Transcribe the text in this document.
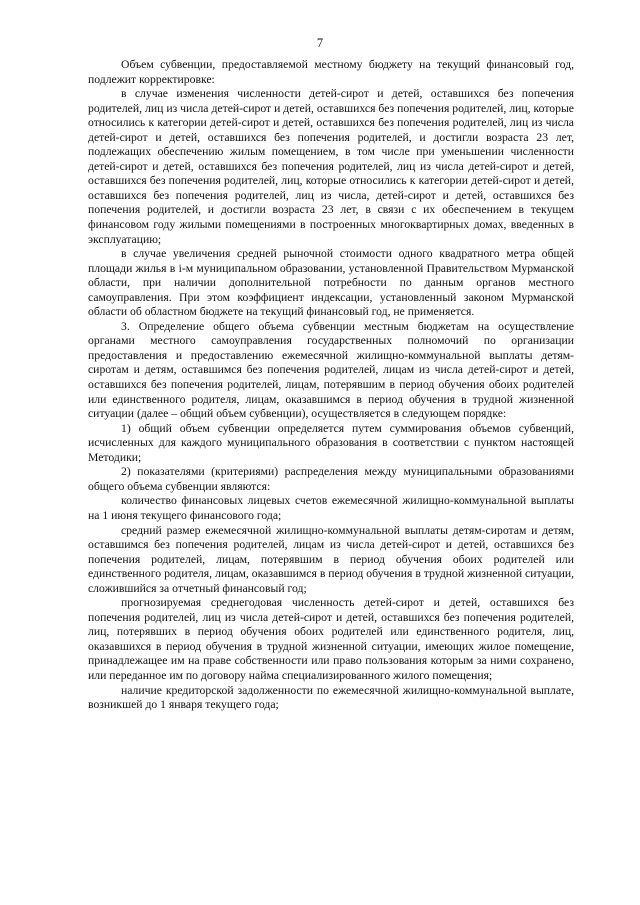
7

Объем субвенции, предоставляемой местному бюджету на текущий финансовый год, подлежит корректировке:

в случае изменения численности детей-сирот и детей, оставшихся без попечения родителей, лиц из числа детей-сирот и детей, оставшихся без попечения родителей, лиц, которые относились к категории детей-сирот и детей, оставшихся без попечения родителей, лиц из числа детей-сирот и детей, оставшихся без попечения родителей, и достигли возраста 23 лет, подлежащих обеспечению жилым помещением, в том числе при уменьшении численности детей-сирот и детей, оставшихся без попечения родителей, лиц из числа детей-сирот и детей, оставшихся без попечения родителей, лиц, которые относились к категории детей-сирот и детей, оставшихся без попечения родителей, лиц из числа, детей-сирот и детей, оставшихся без попечения родителей, и достигли возраста 23 лет, в связи с их обеспечением в текущем финансовом году жилыми помещениями в построенных многоквартирных домах, введенных в эксплуатацию;

в случае увеличения средней рыночной стоимости одного квадратного метра общей площади жилья в i-м муниципальном образовании, установленной Правительством Мурманской области, при наличии дополнительной потребности по данным органов местного самоуправления. При этом коэффициент индексации, установленный законом Мурманской области об областном бюджете на текущий финансовый год, не применяется.

3. Определение общего объема субвенции местным бюджетам на осуществление органами местного самоуправления государственных полномочий по организации предоставления и предоставлению ежемесячной жилищно-коммунальной выплаты детям-сиротам и детям, оставшимся без попечения родителей, лицам из числа детей-сирот и детей, оставшихся без попечения родителей, лицам, потерявшим в период обучения обоих родителей или единственного родителя, лицам, оказавшимся в период обучения в трудной жизненной ситуации (далее – общий объем субвенции), осуществляется в следующем порядке:

1) общий объем субвенции определяется путем суммирования объемов субвенций, исчисленных для каждого муниципального образования в соответствии с пунктом настоящей Методики;

2) показателями (критериями) распределения между муниципальными образованиями общего объема субвенции являются:

количество финансовых лицевых счетов ежемесячной жилищно-коммунальной выплаты на 1 июня текущего финансового года;

средний размер ежемесячной жилищно-коммунальной выплаты детям-сиротам и детям, оставшимся без попечения родителей, лицам из числа детей-сирот и детей, оставшихся без попечения родителей, лицам, потерявшим в период обучения обоих родителей или единственного родителя, лицам, оказавшимся в период обучения в трудной жизненной ситуации, сложившийся за отчетный финансовый год;

прогнозируемая среднегодовая численность детей-сирот и детей, оставшихся без попечения родителей, лиц из числа детей-сирот и детей, оставшихся без попечения родителей, лиц, потерявших в период обучения обоих родителей или единственного родителя, лиц, оказавшихся в период обучения в трудной жизненной ситуации, имеющих жилое помещение, принадлежащее им на праве собственности или право пользования которым за ними сохранено, или переданное им по договору найма специализированного жилого помещения;

наличие кредиторской задолженности по ежемесячной жилищно-коммунальной выплате, возникшей до 1 января текущего года;
